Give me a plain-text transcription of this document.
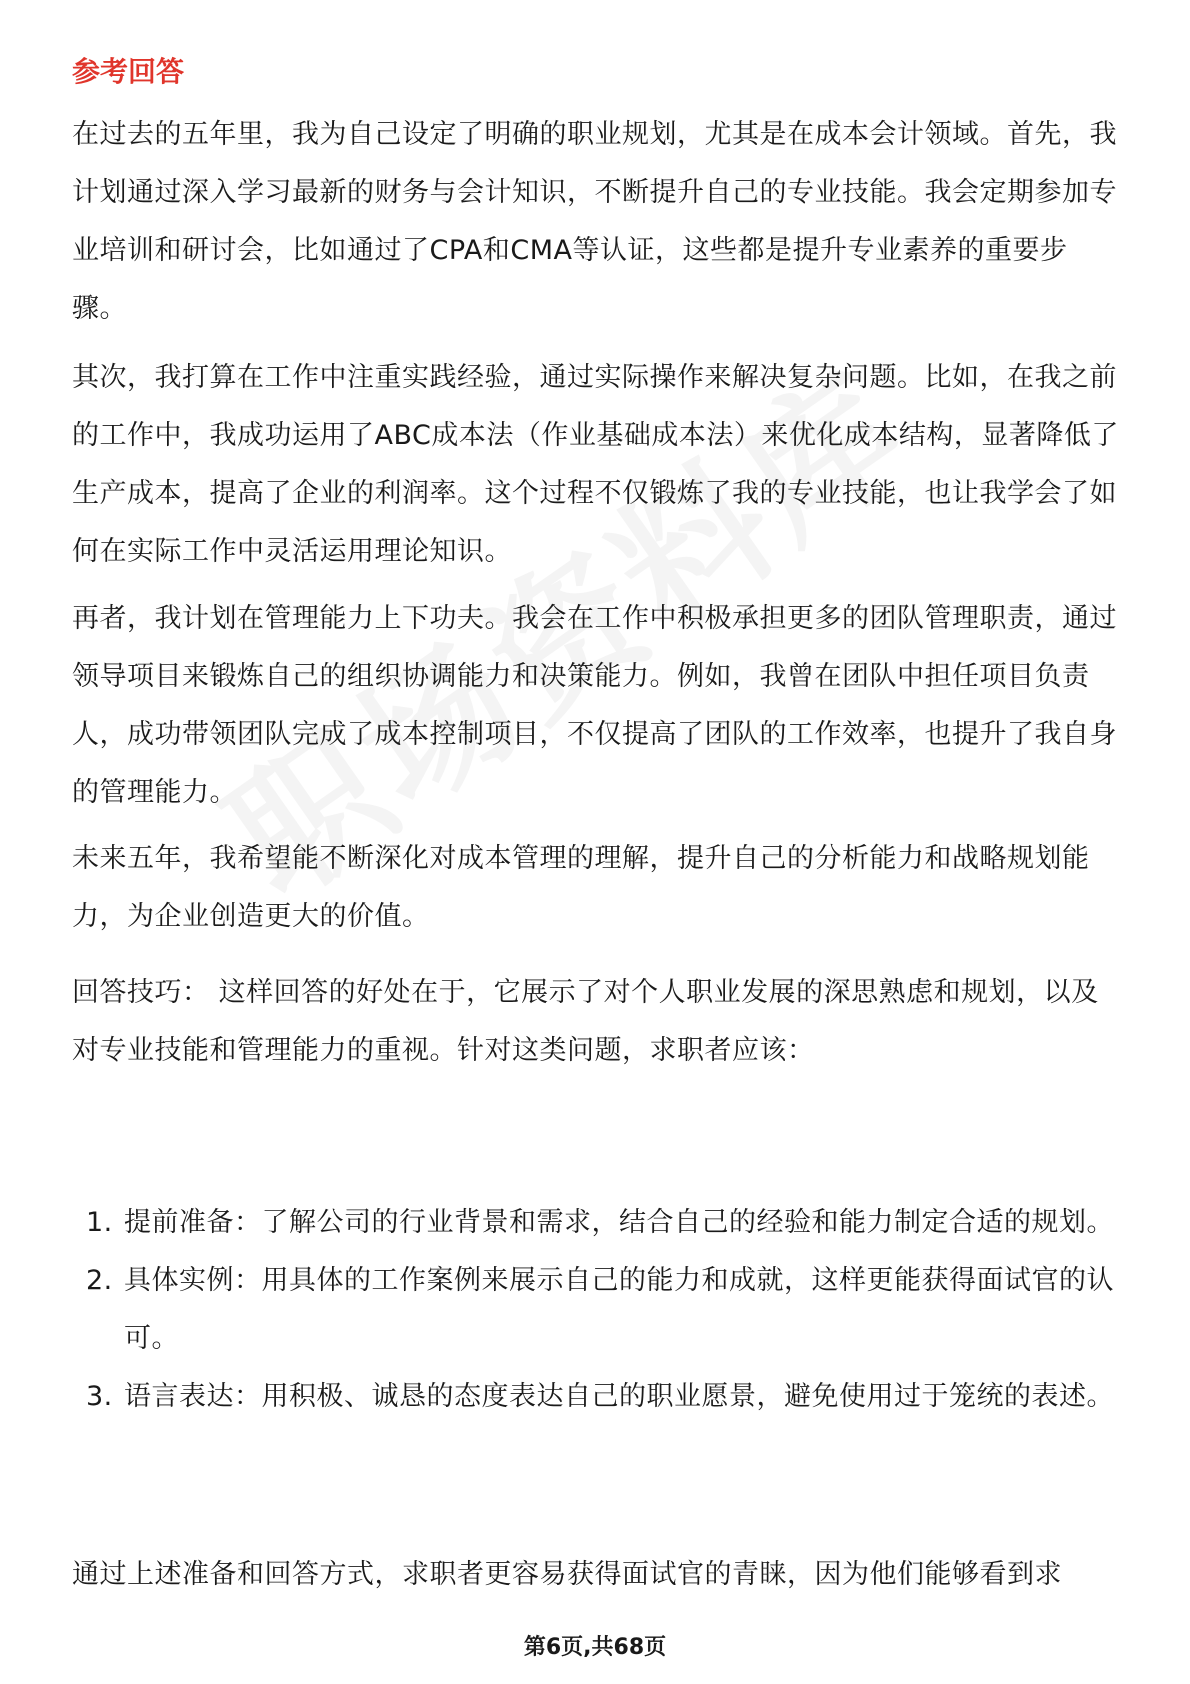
参考回答

在过去的五年里，我为自己设定了明确的职业规划，尤其是在成本会计领域。首先，我计划通过深入学习最新的财务与会计知识，不断提升自己的专业技能。我会定期参加专业培训和研讨会，比如通过了CPA和CMA等认证，这些都是提升专业素养的重要步骤。

其次，我打算在工作中注重实践经验，通过实际操作来解决复杂问题。比如，在我之前的工作中，我成功运用了ABC成本法（作业基础成本法）来优化成本结构，显著降低了生产成本，提高了企业的利润率。这个过程不仅锻炼了我的专业技能，也让我学会了如何在实际工作中灵活运用理论知识。

再者，我计划在管理能力上下功夫。我会在工作中积极承担更多的团队管理职责，通过领导项目来锻炼自己的组织协调能力和决策能力。例如，我曾在团队中担任项目负责人，成功带领团队完成了成本控制项目，不仅提高了团队的工作效率，也提升了我自身的管理能力。

未来五年，我希望能不断深化对成本管理的理解，提升自己的分析能力和战略规划能力，为企业创造更大的价值。

回答技巧： 这样回答的好处在于，它展示了对个人职业发展的深思熟虑和规划，以及对专业技能和管理能力的重视。针对这类问题，求职者应该：

1. 提前准备：了解公司的行业背景和需求，结合自己的经验和能力制定合适的规划。
2. 具体实例：用具体的工作案例来展示自己的能力和成就，这样更能获得面试官的认可。
3. 语言表达：用积极、诚恳的态度表达自己的职业愿景，避免使用过于笼统的表述。

通过上述准备和回答方式，求职者更容易获得面试官的青睐，因为他们能够看到求

第6页,共68页
